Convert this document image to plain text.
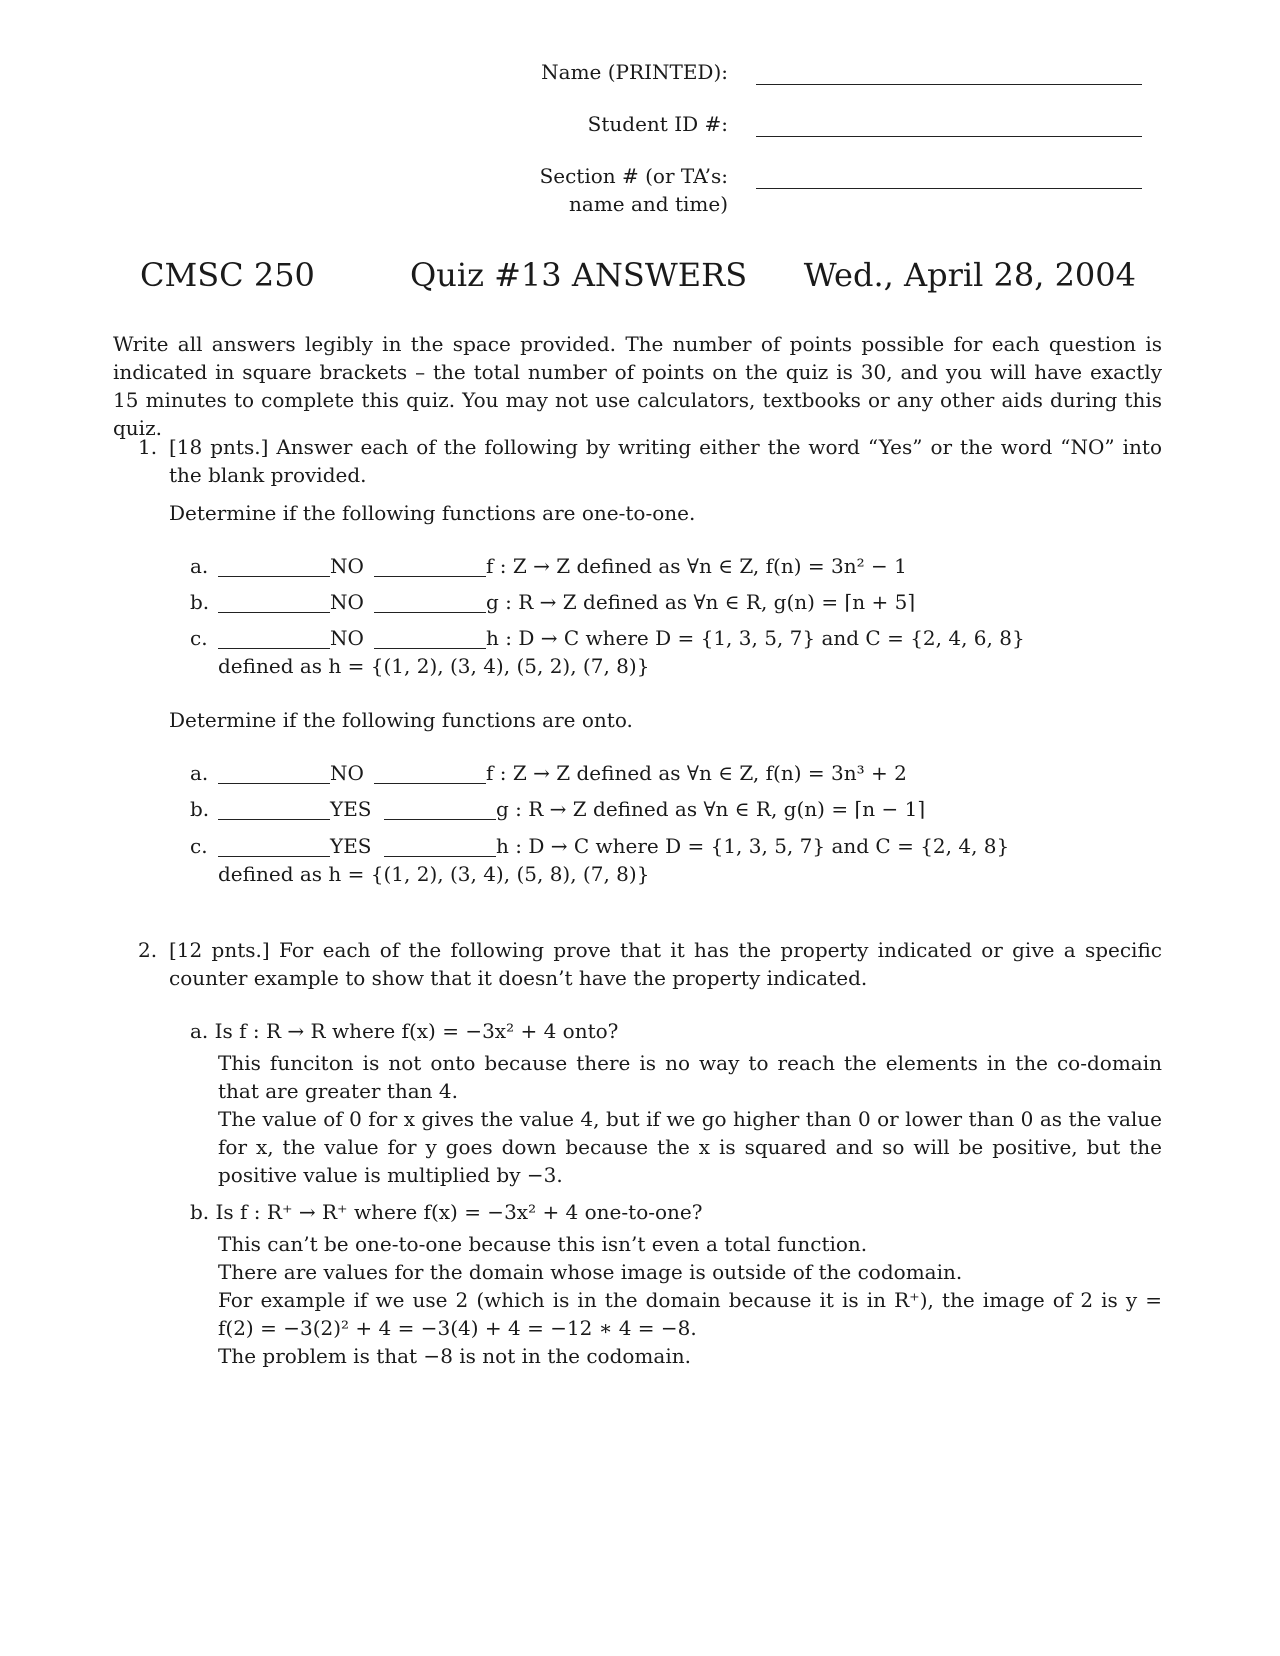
Name (PRINTED):
Student ID #:
Section # (or TA’s:
name and time)
CMSC 250	Quiz #13 ANSWERS	Wed., April 28, 2004
Write all answers legibly in the space provided. The number of points possible for each question is indicated in square brackets – the total number of points on the quiz is 30, and you will have exactly 15 minutes to complete this quiz. You may not use calculators, textbooks or any other aids during this quiz.
1. [18 pnts.] Answer each of the following by writing either the word “Yes” or the word “NO” into the blank provided.
Determine if the following functions are one-to-one.
a.	NO	f : Z → Z defined as ∀n ∈ Z, f(n) = 3n² − 1
b.	NO	g : R → Z defined as ∀n ∈ R, g(n) = ⌈n + 5⌉
c.	NO	h : D → C where D = {1, 3, 5, 7} and C = {2, 4, 6, 8}
defined as h = {(1, 2), (3, 4), (5, 2), (7, 8)}
Determine if the following functions are onto.
a.	NO	f : Z → Z defined as ∀n ∈ Z, f(n) = 3n³ + 2
b.	YES	g : R → Z defined as ∀n ∈ R, g(n) = ⌈n − 1⌉
c.	YES	h : D → C where D = {1, 3, 5, 7} and C = {2, 4, 8}
defined as h = {(1, 2), (3, 4), (5, 8), (7, 8)}
2. [12 pnts.] For each of the following prove that it has the property indicated or give a specific counter example to show that it doesn’t have the property indicated.
a. Is f : R → R where f(x) = −3x² + 4 onto?
This funciton is not onto because there is no way to reach the elements in the co-domain that are greater than 4.
The value of 0 for x gives the value 4, but if we go higher than 0 or lower than 0 as the value for x, the value for y goes down because the x is squared and so will be positive, but the positive value is multiplied by −3.
b. Is f : R⁺ → R⁺ where f(x) = −3x² + 4 one-to-one?
This can’t be one-to-one because this isn’t even a total function.
There are values for the domain whose image is outside of the codomain.
For example if we use 2 (which is in the domain because it is in R⁺), the image of 2 is y = f(2) = −3(2)² + 4 = −3(4) + 4 = −12 ∗ 4 = −8.
The problem is that −8 is not in the codomain.
